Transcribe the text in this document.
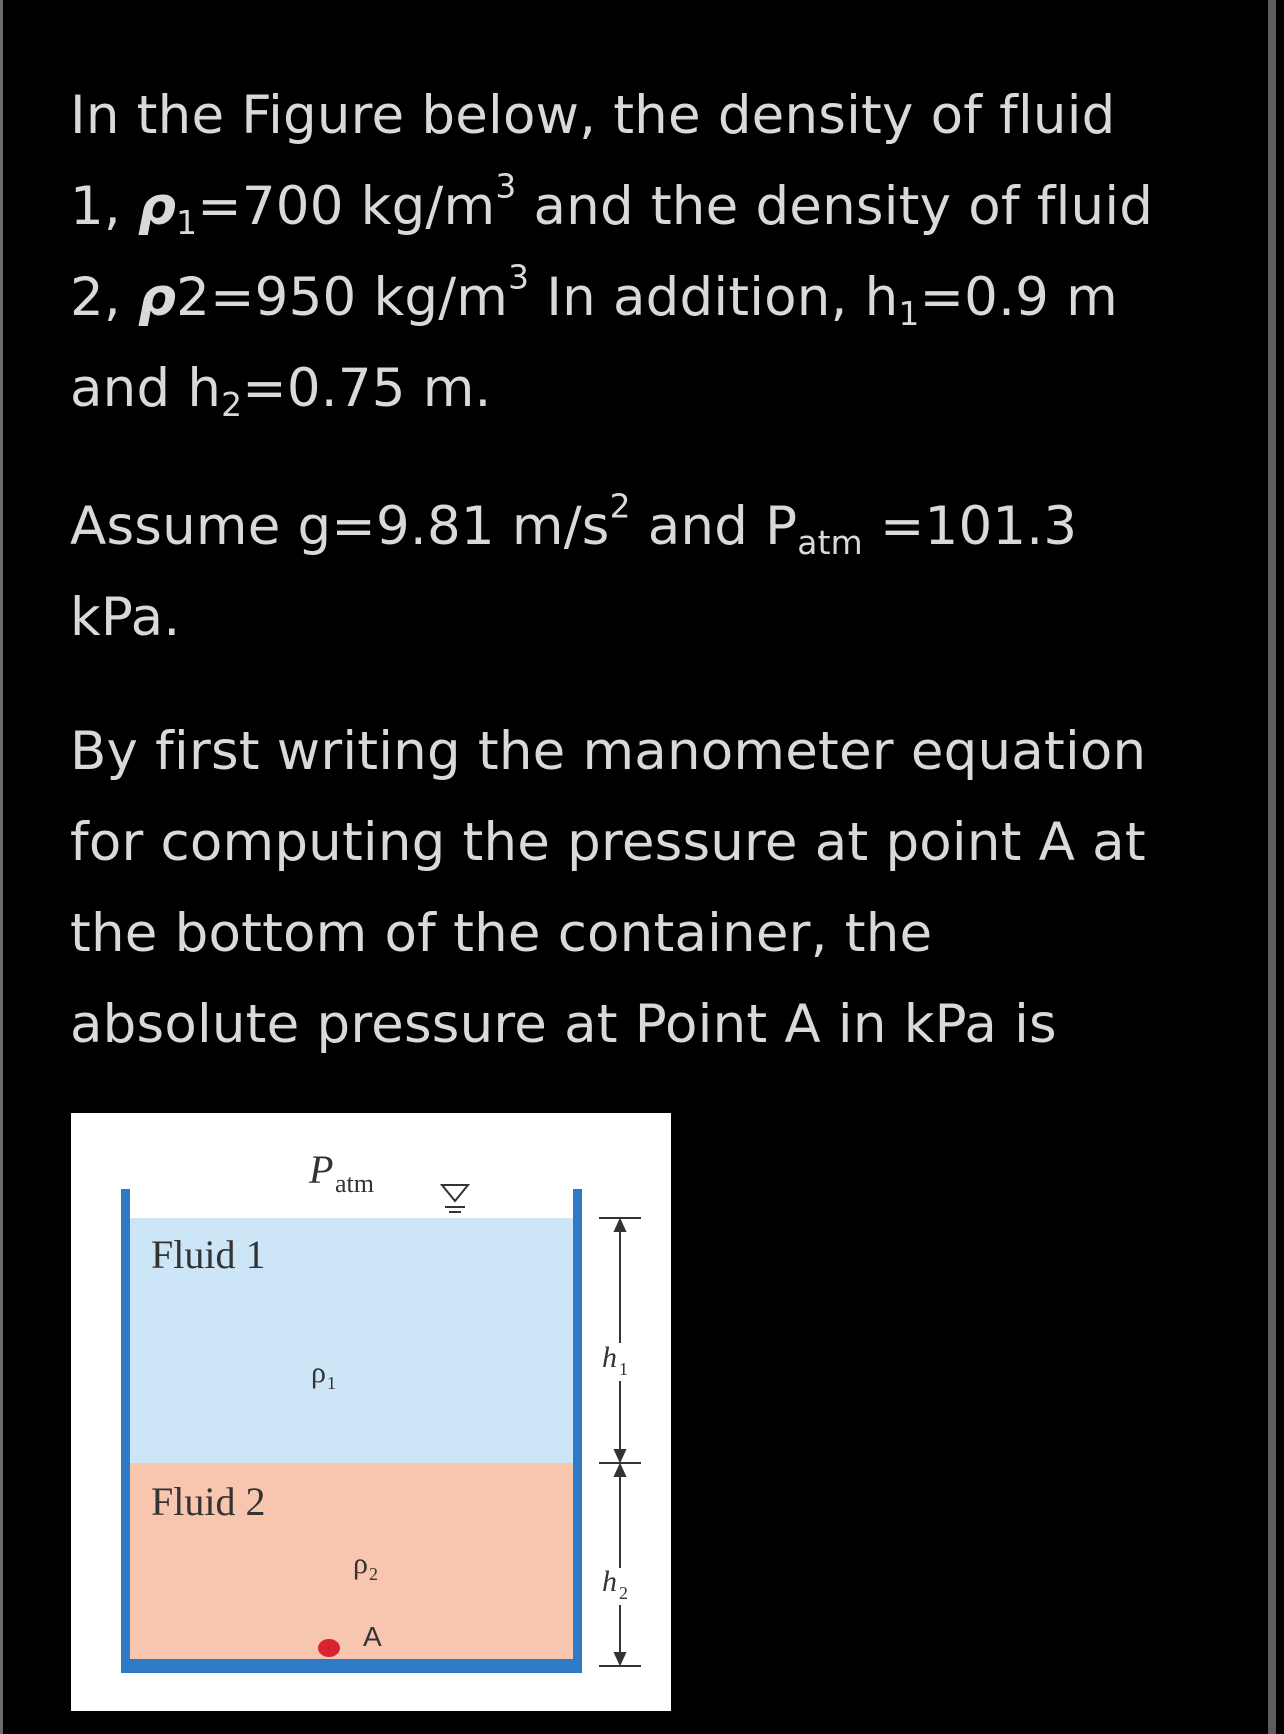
In the Figure below, the density of fluid
1, $\rho_1=700$ $kg/m^3$ and the density of fluid
2, ρ2=950 $kg/m^3$ In addition, $h_1=0.9$ m
and $h_2=0.75$ m.
Assume g=9.81 $m/s^2$ and $P_{atm} =101.3$
kPa.
By first writing the manometer equation
for computing the pressure at point A at
the bottom of the container, the
absolute pressure at Point A in kPa is
P atm
Fluid 1
Fluid 2
ρ 1
ρ 2
h 1
h 2
A
